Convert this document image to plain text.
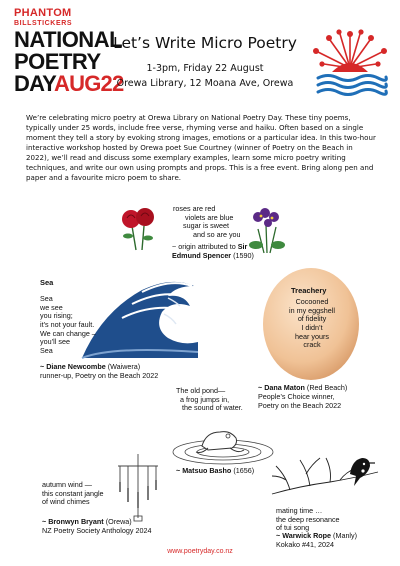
PHANTOM
BILLSTICKERS
NATIONAL
POETRY
DAYAUG22
Let’s Write Micro Poetry
1-3pm, Friday 22 August
Orewa Library, 12 Moana Ave, Orewa
We’re celebrating micro poetry at Orewa Library on National Poetry Day. These tiny poems, typically under 25 words, include free verse, rhyming verse and haiku. Often based on a single moment they tell a story by evoking strong images, emotions or a particular idea. In this two-hour interactive workshop hosted by Orewa poet Sue Courtney (winner of Poetry on the Beach in 2022), we’ll read and discuss some exemplary examples, learn some micro poetry writing techniques, and write our own using prompts and props. This is a free event. Bring along pen and paper and a favourite micro poem to share.
roses are red
violets are blue
sugar is sweet
and so are you
~ origin attributed to Sir
Edmund Spencer (1590)
Sea
Sea
we see
you rising;
it’s not your fault.
We can change –
you’ll see
Sea
~ Diane Newcombe (Waiwera)
runner-up, Poetry on the Beach 2022
Treachery
Cocooned
in my eggshell
of fidelity
I didn’t
hear yours
crack
~ Dana Maton (Red Beach)
People’s Choice winner,
Poetry on the Beach 2022
The old pond—
a frog jumps in,
the sound of water.
~ Matsuo Basho (1656)
autumn wind —
this constant jangle
of wind chimes
~ Bronwyn Bryant (Orewa)
NZ Poetry Society Anthology 2024
mating time …
the deep resonance
of tui song
~ Warwick Rope (Manly)
Kokako #41, 2024
www.poetryday.co.nz
